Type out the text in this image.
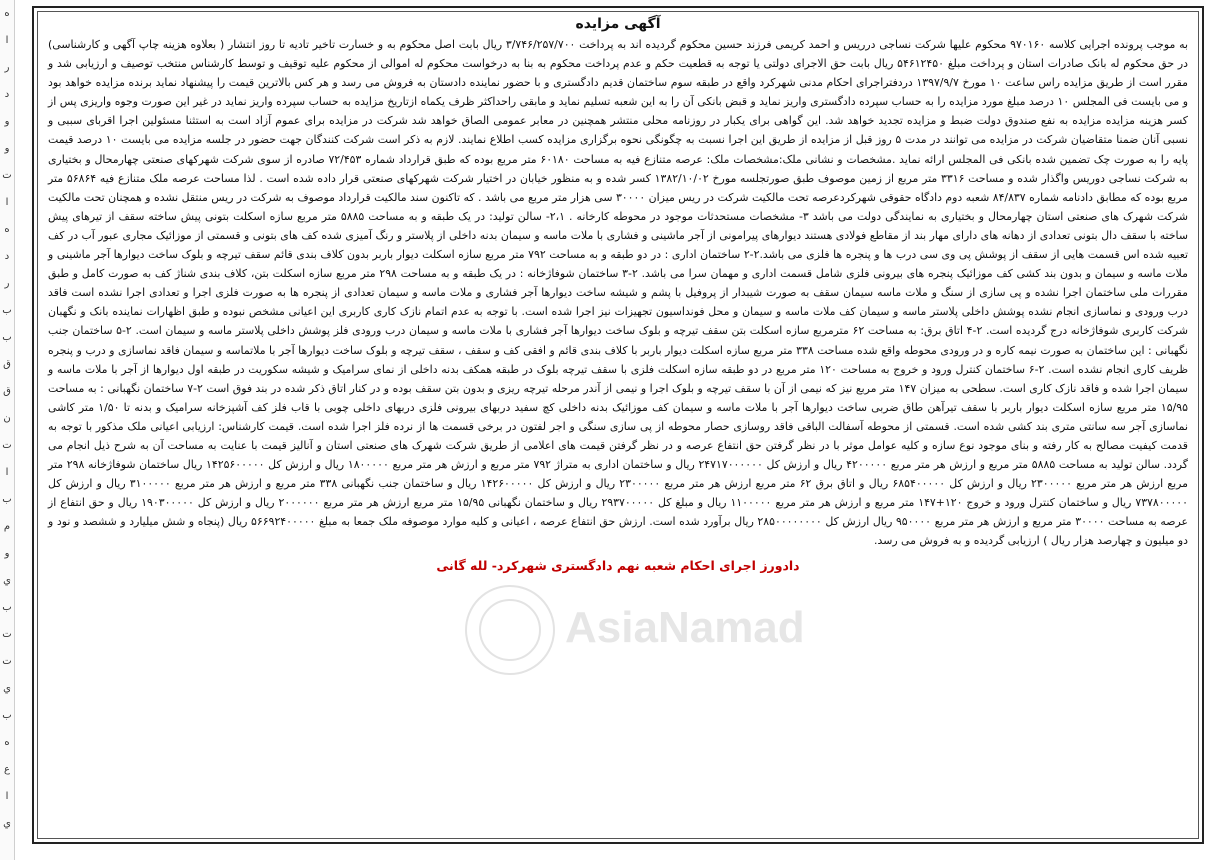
ه
ا
ر
د
و
و
ت
ا
ه
د
ر
ب
ب
ق
ق
ن
ت
ا
ب
م
و
ي
ب
ت
ت
ي
ب
ه
ع
ا
ي
آگهی مزایده

به موجب پرونده اجرایی کلاسه ۹۷۰۱۶۰ محکوم علیها شرکت نساجی درریس و احمد کریمی فرزند حسین محکوم گردیده اند به پرداخت ۳/۷۴۶/۲۵۷/۷۰۰ ریال بابت اصل محکوم به و خسارت تاخیر تادیه تا روز انتشار ( بعلاوه هزینه چاپ آگهی و کارشناسی) در حق محکوم له بانک صادرات استان و پرداخت مبلغ ۵۴۶۱۲۴۵۰ ریال بابت حق الاجرای دولتی یا توجه به قطعیت حکم و عدم پرداخت محکوم به بنا به درخواست محکوم له اموالی از محکوم علیه توقیف و توسط کارشناس منتخب توصیف و ارزیابی شد و مقرر است از طریق مزایده راس ساعت ۱۰ مورخ ۱۳۹۷/۹/۷ دردفتراجرای احکام مدنی شهرکرد واقع در طبقه سوم ساختمان قدیم دادگستری و با حضور نماینده دادستان به فروش می رسد و هر کس بالاترین قیمت را پیشنهاد نماید برنده مزایده خواهد بود و می بایست فی المجلس ۱۰ درصد مبلغ مورد مزایده را به حساب سپرده دادگستری واریز نماید و قبض بانکی آن را به این شعبه تسلیم نماید و مابقی راحداکثر ظرف یکماه ازتاریخ مزایده به حساب سپرده واریز نماید در غیر این صورت وجوه واریزی پس از کسر هزینه مزایده مزایده به نفع صندوق دولت ضبط و مزایده تجدید خواهد شد. این گواهی برای یکبار در روزنامه محلی منتشر همچنین در معابر عمومی الصاق خواهد شد شرکت در مزایده برای عموم آزاد است به استثنا مسئولین اجرا اقربای سببی و نسبی آنان ضمنا متقاضیان شرکت در مزایده می توانند در مدت ۵ روز قبل از مزایده از طریق این اجرا نسبت به چگونگی نحوه برگزاری مزایده کسب اطلاع نمایند. لازم به ذکر است شرکت کنندگان جهت حضور در جلسه مزایده می بایست ۱۰ درصد قیمت پایه را به صورت چک تضمین شده بانکی فی المجلس ارائه نماید .مشخصات و نشانی ملک:مشخصات ملک: عرصه متنازع فیه به مساحت ۶۰۱۸۰ متر مربع بوده که طبق قرارداد شماره ۷۲/۴۵۳ صادره از سوی شرکت شهرکهای صنعتی چهارمحال و بختیاری به شرکت نساجی دوریس واگذار شده و مساحت ۳۳۱۶ متر مربع از زمین موصوف طبق صورتجلسه مورخ ۱۳۸۲/۱۰/۰۲ کسر شده و به منظور خیابان در اختیار شرکت شهرکهای صنعتی قرار داده شده است . لذا مساحت عرصه ملک متنازع فیه ۵۶۸۶۴ متر مربع بوده که مطابق دادنامه شماره ۸۴/۸۳۷ شعبه دوم دادگاه حقوقی شهرکردعرصه تحت مالکیت شرکت در ریس میزان ۳۰۰۰۰ سی هزار متر مربع می باشد . که تاکنون سند مالکیت قرارداد موصوف به شرکت در ریس منتقل نشده و همچنان تحت مالکیت شرکت شهرک های صنعتی استان چهارمحال و بختیاری به نمایندگی دولت می باشد ۳- مشخصات مستحدثات موجود در محوطه کارخانه . ۲،۱- سالن تولید: در یک طبقه و به مساحت ۵۸۸۵ متر مربع سازه اسکلت بتونی پیش ساخته سقف از تیرهای پیش ساخته با سقف دال بتونی تعدادی از دهانه های دارای مهار بند از مقاطع فولادی هستند دیوارهای پیرامونی از آجر ماشینی و فشاری با ملات ماسه و سیمان بدنه داخلی از پلاستر و رنگ آمیزی شده کف های بتونی و قسمتی از موزائیک مجاری عبور آب در کف تعبیه شده اس قسمت هایی از سقف از پوشش پی وی سی درب ها و پنجره ها فلزی می باشد.۲-۲ ساختمان اداری : در دو طبقه و به مساحت ۷۹۲ متر مربع سازه اسکلت دیوار باربر بدون کلاف بندی قائم سقف تیرچه و بلوک ساخت دیوارها آجر ماشینی و ملات ماسه و سیمان و بدون بند کشی کف موزائیک پنجره های بیرونی فلزی شامل قسمت اداری و مهمان سرا می باشد. ۲-۳ ساختمان شوفاژخانه : در یک طبقه و به مساحت ۲۹۸ متر مربع سازه اسکلت بتن، کلاف بندی شناژ کف به صورت کامل و طبق مقررات ملی ساختمان اجرا نشده و پی سازی از سنگ و ملات ماسه سیمان سقف به صورت شیبدار از پروفیل با پشم و شیشه ساخت دیوارها آجر فشاری و ملات ماسه و سیمان تعدادی از پنجره ها به صورت فلزی اجرا و تعدادی اجرا نشده است فاقد درب ورودی و نماسازی انجام نشده پوشش داخلی پلاستر ماسه و سیمان کف ملات ماسه و سیمان و محل فونداسیون تجهیزات نیز اجرا شده است. با توجه به عدم اتمام نازک کاری کاربری این اعیانی مشخص نبوده و طبق اظهارات نماینده بانک و نگهبان شرکت کاربری شوفاژخانه درج گردیده است. ۲-۴ اتاق برق: به مساحت ۶۲ مترمربع سازه اسکلت بتن سقف تیرچه و بلوک ساخت دیوارها آجر فشاری با ملات ماسه و سیمان درب ورودی فلز پوشش داخلی پلاستر ماسه و سیمان است. ۲-۵ ساختمان جنب نگهبانی : این ساختمان به صورت نیمه کاره و در ورودی محوطه واقع شده مساحت ۳۳۸ متر مربع سازه اسکلت دیوار باربر با کلاف بندی قائم و افقی کف و سقف ، سقف تیرچه و بلوک ساخت دیوارها آجر با ملاتماسه و سیمان فاقد نماسازی و درب و پنجره ظریف کاری انجام نشده است. ۲-۶ ساختمان کنترل ورود و خروج به مساحت ۱۲۰ متر مربع در دو طبقه سازه اسکلت فلزی با سقف تیرچه بلوک در طبقه همکف بدنه داخلی از نمای سرامیک و شیشه سکوریت در طبقه اول دیوارها از آجر با ملات ماسه و سیمان اجرا شده و فاقد نازک کاری است. سطحی به میزان ۱۴۷ متر مربع نیز که نیمی از آن با سقف تیرچه و بلوک اجرا و نیمی از آندر مرحله تیرچه ریزی و بدون بتن سقف بوده و در کنار اتاق ذکر شده در بند فوق است ۲-۷ ساختمان نگهبانی : به مساحت ۱۵/۹۵ متر مربع سازه اسکلت دیوار باربر با سقف تیرآهن طاق ضربی ساخت دیوارها آجر با ملات ماسه و سیمان کف موزائیک بدنه داخلی کچ سفید دربهای بیرونی فلزی دربهای داخلی چوبی با قاب فلز کف آشپزخانه سرامیک و بدنه تا ۱/۵۰ متر کاشی نماسازی آجر سه سانتی متری بند کشی شده است. قسمتی از محوطه آسفالت الباقی فاقد روسازی حصار محوطه از پی سازی سنگی و اجر لفتون در برخی قسمت ها از نرده فلز اجرا شده است. قیمت کارشناس: ارزیابی اعیانی ملک مذکور با توجه به قدمت کیفیت مصالح به کار رفته و بنای موجود نوع سازه و کلیه عوامل موثر با در نظر گرفتن حق انتفاع عرصه و در نظر گرفتن قیمت های اعلامی از طریق شرکت شهرک های صنعتی استان و آنالیز قیمت با عنایت به مساحت آن به شرح ذیل انجام می گردد. سالن تولید به مساحت ۵۸۸۵ متر مربع و ارزش هر متر مربع ۴۲۰۰۰۰۰ ریال و ارزش کل ۲۴۷۱۷۰۰۰۰۰۰ ریال و ساختمان اداری به متراژ ۷۹۲ متر مربع و ارزش هر متر مربع ۱۸۰۰۰۰۰ ریال و ارزش کل ۱۴۲۵۶۰۰۰۰۰ ریال ساختمان شوفاژخانه ۲۹۸ متر مربع ارزش هر متر مربع ۲۳۰۰۰۰۰ ریال و ارزش کل ۶۸۵۴۰۰۰۰۰ ریال و اتاق برق ۶۲ متر مربع ارزش هر متر مربع ۲۳۰۰۰۰۰ ریال و ارزش کل ۱۴۲۶۰۰۰۰۰ ریال و ساختمان جنب نگهبانی ۳۳۸ متر مربع و ارزش هر متر مربع ۳۱۰۰۰۰۰ ریال و ارزش کل ۷۳۷۸۰۰۰۰۰ ریال و ساختمان کنترل ورود و خروج ۱۲۰+۱۴۷ متر مربع و ارزش هر متر مربع ۱۱۰۰۰۰۰ ریال و مبلغ کل ۲۹۳۷۰۰۰۰۰ ریال و ساختمان نگهبانی ۱۵/۹۵ متر مربع ارزش هر متر مربع ۲۰۰۰۰۰۰ ریال و ارزش کل ۱۹۰۳۰۰۰۰۰ ریال و حق انتفاع از عرصه به مساحت ۳۰۰۰۰ متر مربع و ارزش هر متر مربع ۹۵۰۰۰۰ ریال ارزش کل ۲۸۵۰۰۰۰۰۰۰۰ ریال برآورد شده است. ارزش حق انتفاع عرصه ، اعیانی و کلیه موارد موصوفه ملک جمعا به مبلغ ۵۶۶۹۲۴۰۰۰۰۰ ریال (پنجاه و شش میلیارد و ششصد و نود و دو میلیون و چهارصد هزار ریال ) ارزیابی گردیده و به فروش می رسد.

دادورز اجرای احکام شعبه نهم دادگستری شهرکرد- لله گانی
AsiaNamad
